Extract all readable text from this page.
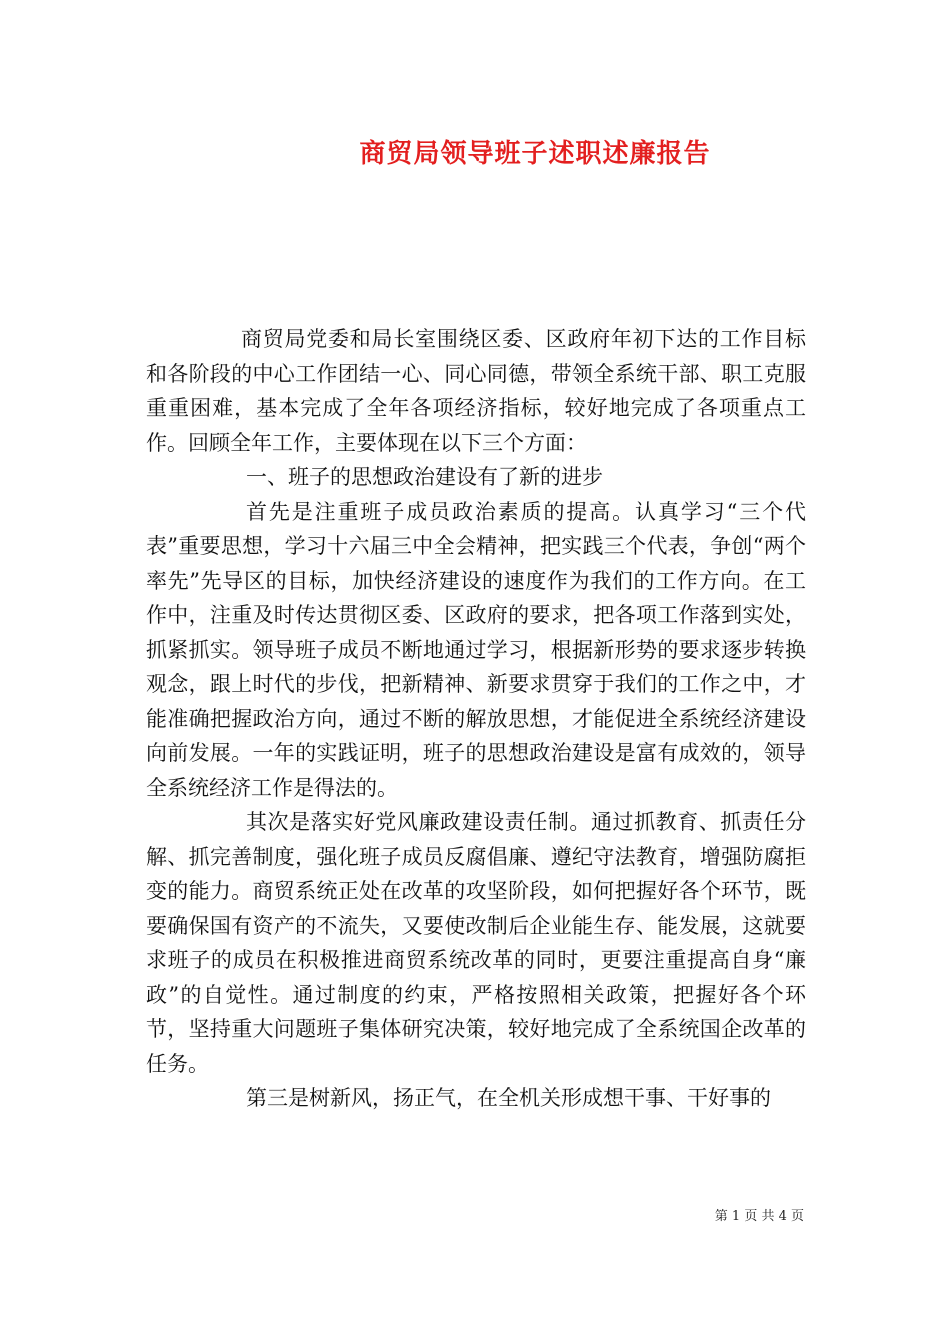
商贸局领导班子述职述廉报告

商贸局党委和局长室围绕区委、区政府年初下达的工作目标和各阶段的中心工作团结一心、同心同德，带领全系统干部、职工克服重重困难，基本完成了全年各项经济指标，较好地完成了各项重点工作。回顾全年工作，主要体现在以下三个方面：

一、班子的思想政治建设有了新的进步

首先是注重班子成员政治素质的提高。认真学习“三个代表”重要思想，学习十六届三中全会精神，把实践三个代表，争创“两个率先”先导区的目标，加快经济建设的速度作为我们的工作方向。在工作中，注重及时传达贯彻区委、区政府的要求，把各项工作落到实处，抓紧抓实。领导班子成员不断地通过学习，根据新形势的要求逐步转换观念，跟上时代的步伐，把新精神、新要求贯穿于我们的工作之中，才能准确把握政治方向，通过不断的解放思想，才能促进全系统经济建设向前发展。一年的实践证明，班子的思想政治建设是富有成效的，领导全系统经济工作是得法的。

其次是落实好党风廉政建设责任制。通过抓教育、抓责任分解、抓完善制度，强化班子成员反腐倡廉、遵纪守法教育，增强防腐拒变的能力。商贸系统正处在改革的攻坚阶段，如何把握好各个环节，既要确保国有资产的不流失，又要使改制后企业能生存、能发展，这就要求班子的成员在积极推进商贸系统改革的同时，更要注重提高自身“廉政”的自觉性。通过制度的约束，严格按照相关政策，把握好各个环节，坚持重大问题班子集体研究决策，较好地完成了全系统国企改革的任务。

第三是树新风，扬正气，在全机关形成想干事、干好事的

第 1 页 共 4 页
